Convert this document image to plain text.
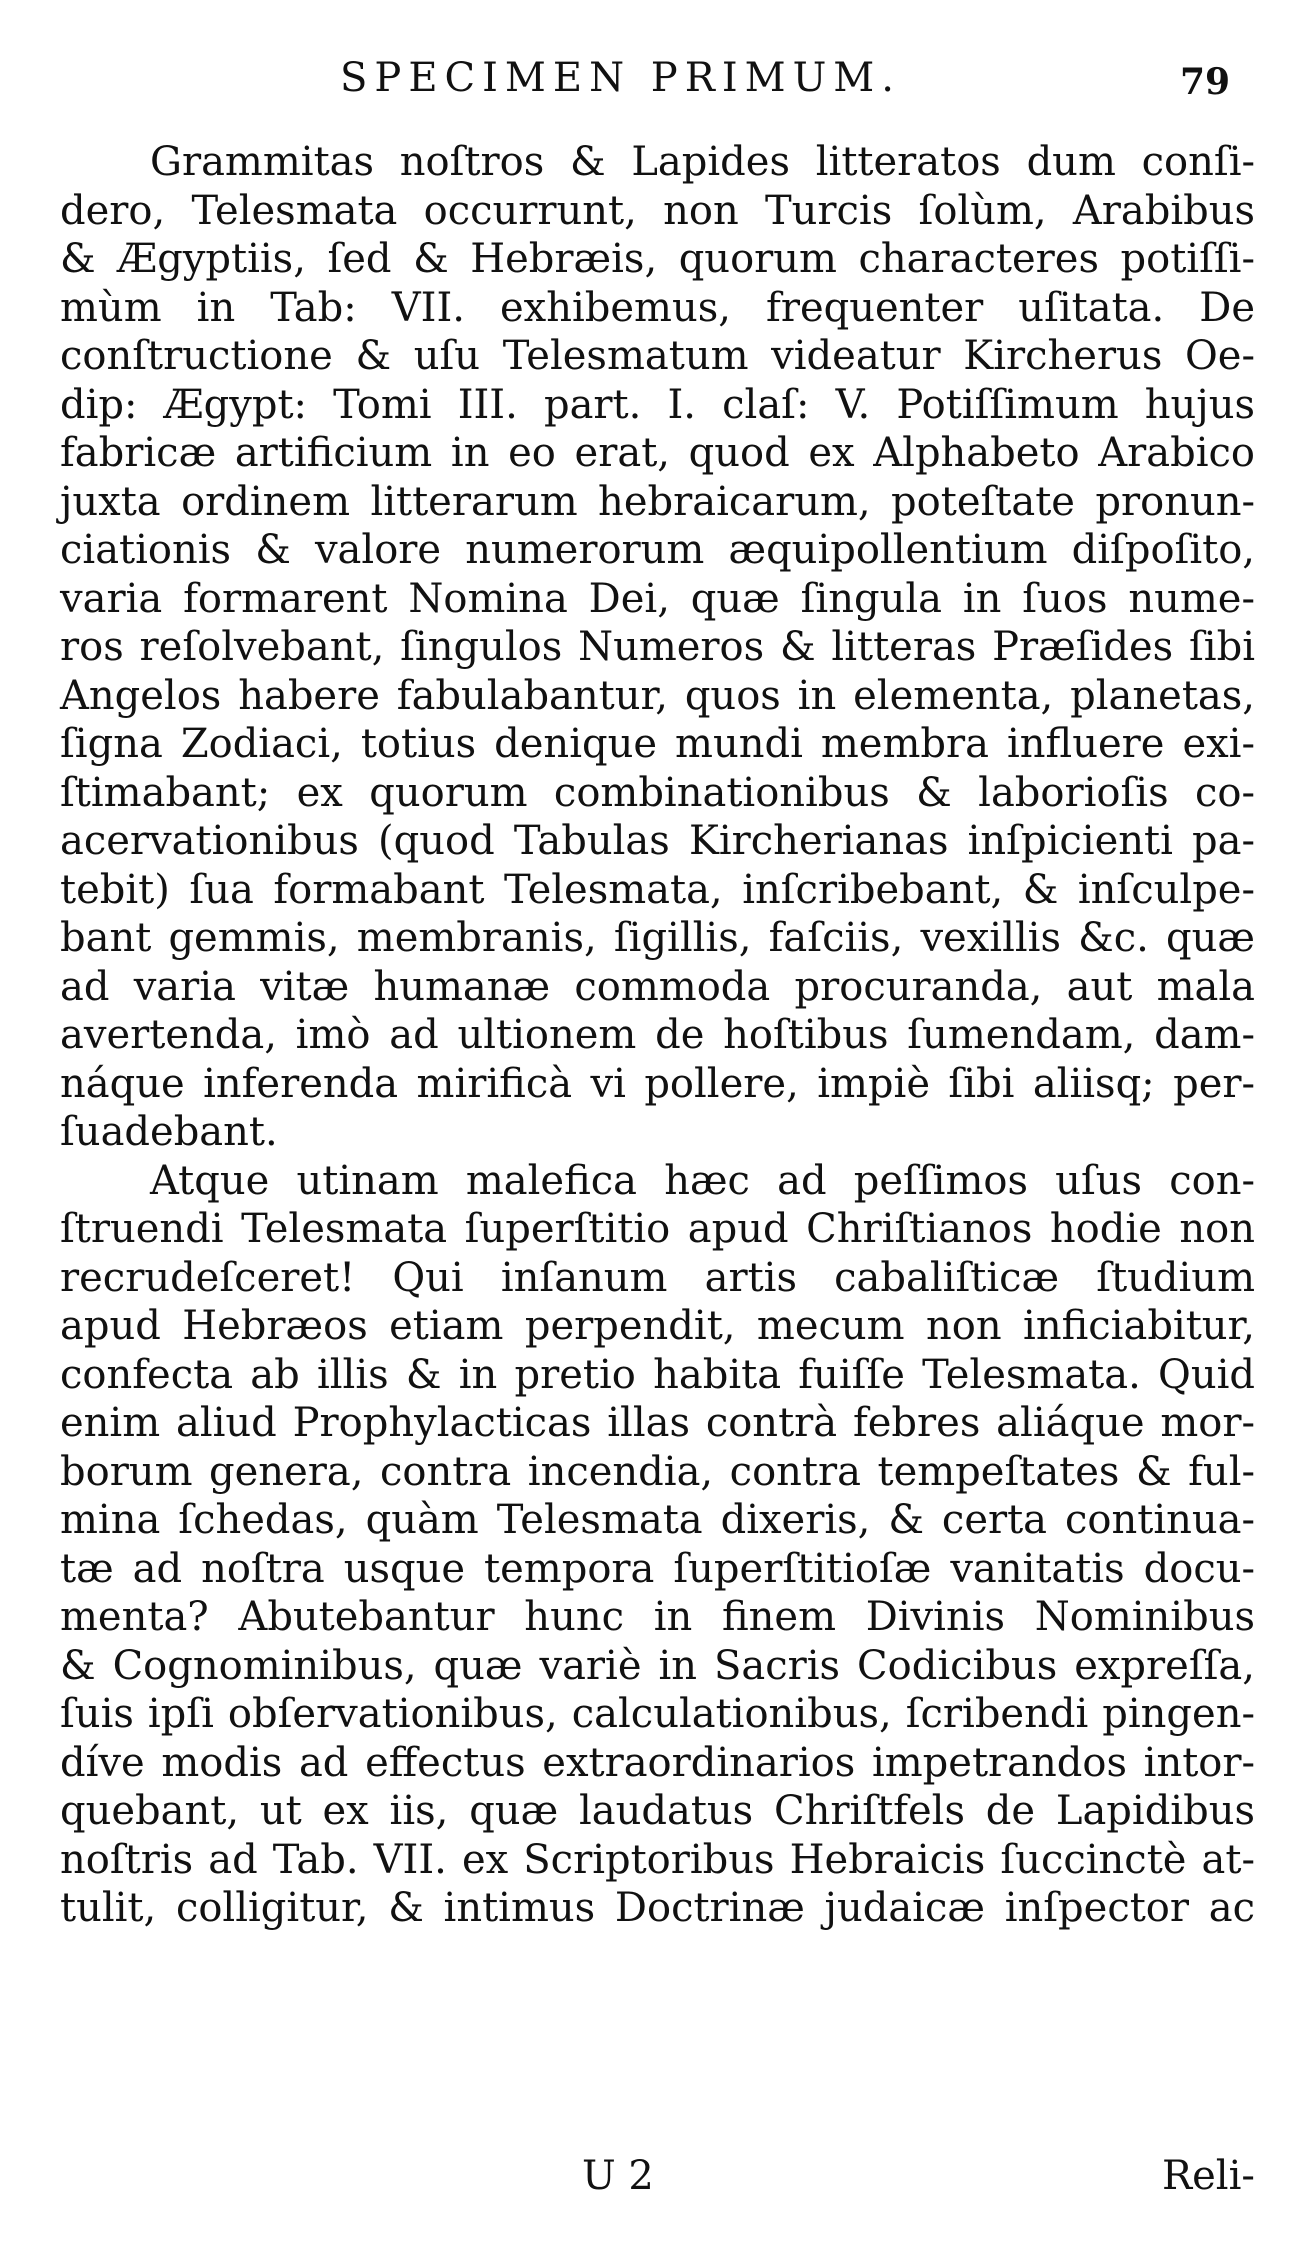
SPECIMEN PRIMUM.	79
Grammitas noſtros & Lapides litteratos dum conſi-
dero, Telesmata occurrunt, non Turcis ſolùm, Arabibus
& Ægyptiis, ſed & Hebræis, quorum characteres potiſſi-
mùm in Tab: VII. exhibemus, frequenter uſitata. De
conſtructione & uſu Telesmatum videatur Kircherus Oe-
dip: Ægypt: Tomi III. part. I. claſ: V. Potiſſimum hujus
fabricæ artificium in eo erat, quod ex Alphabeto Arabico
juxta ordinem litterarum hebraicarum, poteſtate pronun-
ciationis & valore numerorum æquipollentium diſpoſito,
varia formarent Nomina Dei, quæ ſingula in ſuos nume-
ros reſolvebant, ſingulos Numeros & litteras Præſides ſibi
Angelos habere fabulabantur, quos in elementa, planetas,
ſigna Zodiaci, totius denique mundi membra influere exi-
ſtimabant; ex quorum combinationibus & laborioſis co-
acervationibus (quod Tabulas Kircherianas inſpicienti pa-
tebit) ſua formabant Telesmata, inſcribebant, & inſculpe-
bant gemmis, membranis, ſigillis, faſciis, vexillis &c. quæ
ad varia vitæ humanæ commoda procuranda, aut mala
avertenda, imò ad ultionem de hoſtibus ſumendam, dam-
náque inferenda mirificà vi pollere, impiè ſibi aliisq; per-
ſuadebant.
Atque utinam malefica hæc ad peſſimos uſus con-
ſtruendi Telesmata ſuperſtitio apud Chriſtianos hodie non
recrudeſceret! Qui inſanum artis cabaliſticæ ſtudium
apud Hebræos etiam perpendit, mecum non inficiabitur,
confecta ab illis & in pretio habita fuiſſe Telesmata. Quid
enim aliud Prophylacticas illas contrà febres aliáque mor-
borum genera, contra incendia, contra tempeſtates & ful-
mina ſchedas, quàm Telesmata dixeris, & certa continua-
tæ ad noſtra usque tempora ſuperſtitioſæ vanitatis docu-
menta? Abutebantur hunc in finem Divinis Nominibus
& Cognominibus, quæ variè in Sacris Codicibus expreſſa,
ſuis ipſi obſervationibus, calculationibus, ſcribendi pingen-
díve modis ad effectus extraordinarios impetrandos intor-
quebant, ut ex iis, quæ laudatus Chriſtfels de Lapidibus
noſtris ad Tab. VII. ex Scriptoribus Hebraicis ſuccinctè at-
tulit, colligitur, & intimus Doctrinæ judaicæ inſpector ac
U 2	Reli-
